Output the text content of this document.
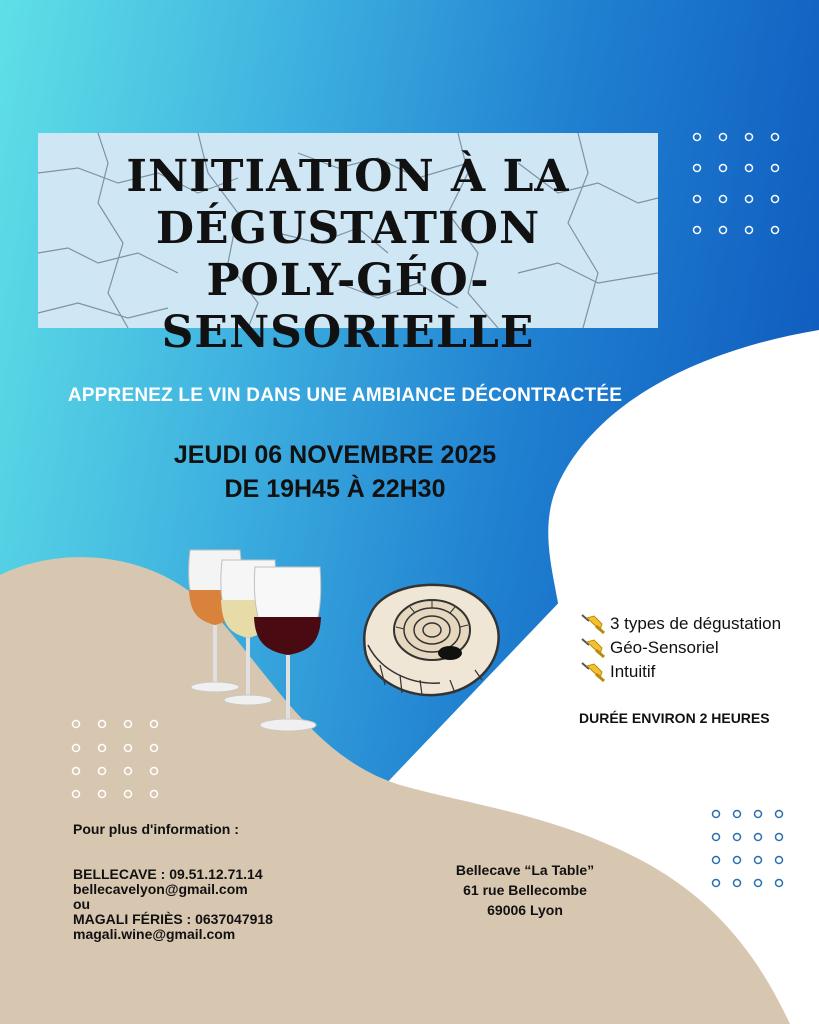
INITIATION À LA
DÉGUSTATION
POLY-GÉO-SENSORIELLE
APPRENEZ LE VIN DANS UNE AMBIANCE DÉCONTRACTÉE
JEUDI 06 NOVEMBRE 2025
DE 19H45 À 22H30
3 types de dégustation
Géo-Sensoriel
Intuitif
DURÉE ENVIRON 2 HEURES
Pour plus d'information :
BELLECAVE : 09.51.12.71.14
bellecavelyon@gmail.com
ou
MAGALI FÉRIÈS : 0637047918
magali.wine@gmail.com
Bellecave “La Table”
61 rue Bellecombe
69006 Lyon
